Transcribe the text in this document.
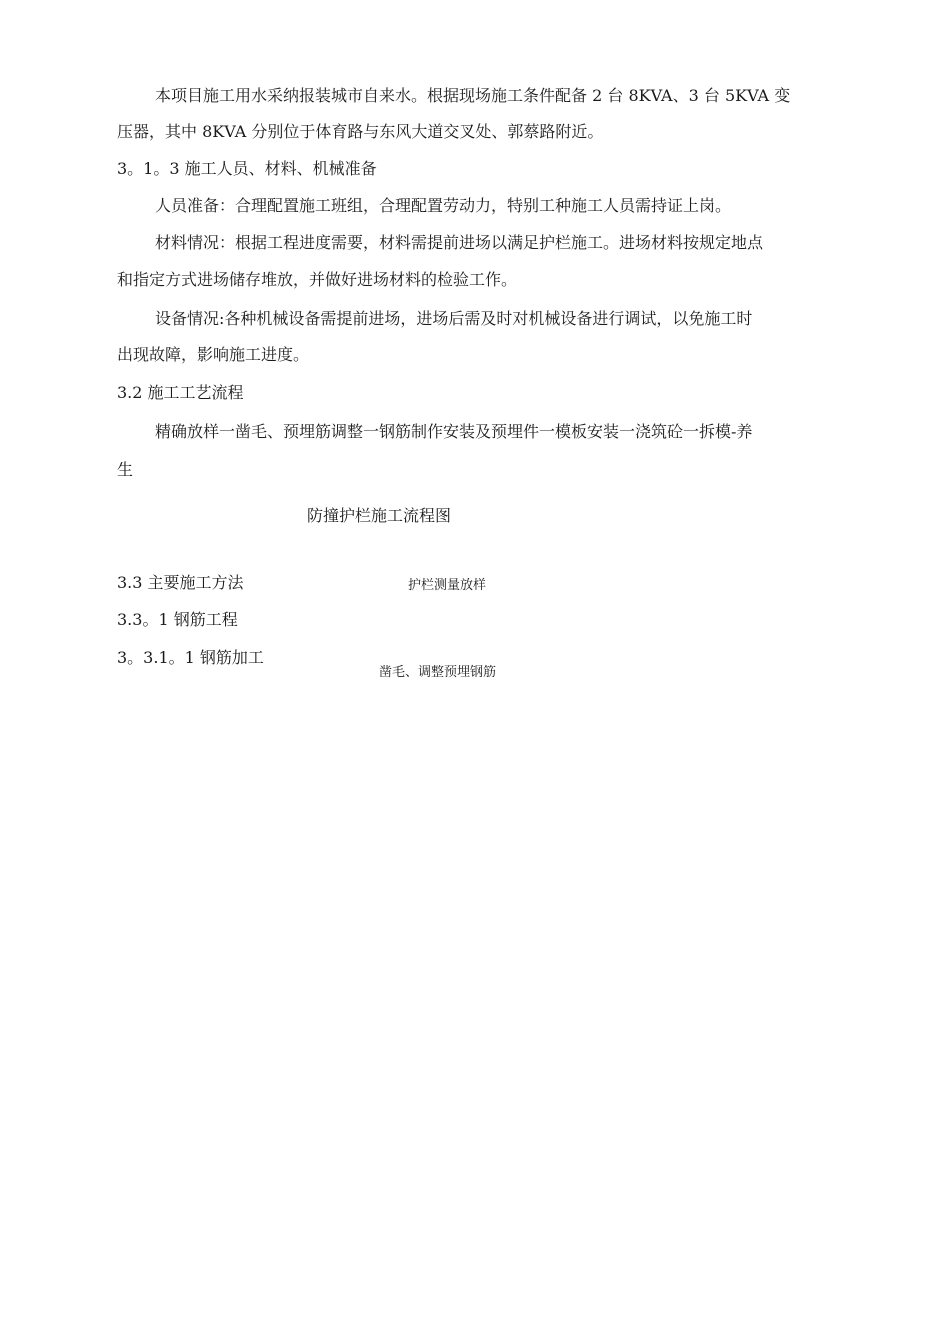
本项目施工用水采纳报装城市自来水。根据现场施工条件配备 2 台 8KVA、3 台 5KVA 变
压器，其中 8KVA 分别位于体育路与东风大道交叉处、郭蔡路附近。
3。1。3 施工人员、材料、机械准备
人员准备：合理配置施工班组，合理配置劳动力，特别工种施工人员需持证上岗。
材料情况：根据工程进度需要，材料需提前进场以满足护栏施工。进场材料按规定地点
和指定方式进场储存堆放，并做好进场材料的检验工作。
设备情况:各种机械设备需提前进场，进场后需及时对机械设备进行调试，以免施工时
出现故障，影响施工进度。
3.2 施工工艺流程
精确放样一凿毛、预埋筋调整一钢筋制作安装及预埋件一模板安装一浇筑砼一拆模-养
生
防撞护栏施工流程图
3.3 主要施工方法	护栏测量放样
3.3。1 钢筋工程
3。3.1。1 钢筋加工
凿毛、调整预埋钢筋
